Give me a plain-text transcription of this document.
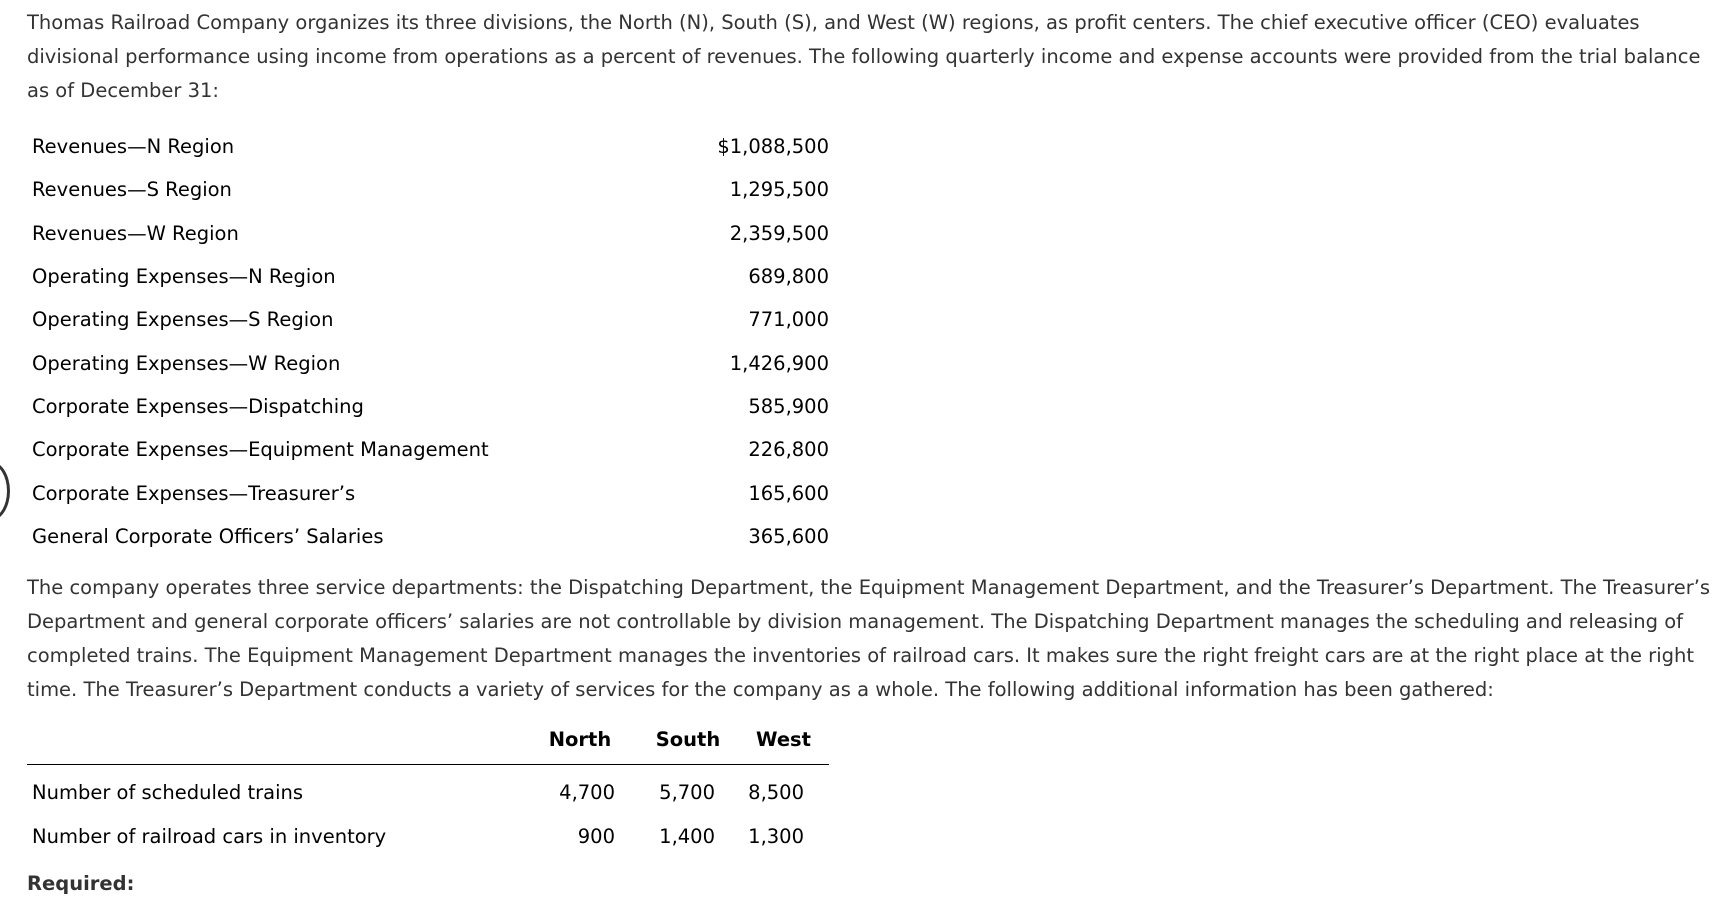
Thomas Railroad Company organizes its three divisions, the North (N), South (S), and West (W) regions, as profit centers. The chief executive officer (CEO) evaluates divisional performance using income from operations as a percent of revenues. The following quarterly income and expense accounts were provided from the trial balance as of December 31:

Revenues—N Region	$1,088,500
Revenues—S Region	1,295,500
Revenues—W Region	2,359,500
Operating Expenses—N Region	689,800
Operating Expenses—S Region	771,000
Operating Expenses—W Region	1,426,900
Corporate Expenses—Dispatching	585,900
Corporate Expenses—Equipment Management	226,800
Corporate Expenses—Treasurer’s	165,600
General Corporate Officers’ Salaries	365,600

The company operates three service departments: the Dispatching Department, the Equipment Management Department, and the Treasurer’s Department. The Treasurer’s Department and general corporate officers’ salaries are not controllable by division management. The Dispatching Department manages the scheduling and releasing of completed trains. The Equipment Management Department manages the inventories of railroad cars. It makes sure the right freight cars are at the right place at the right time. The Treasurer’s Department conducts a variety of services for the company as a whole. The following additional information has been gathered:

	North	South	West
Number of scheduled trains	4,700	5,700	8,500
Number of railroad cars in inventory	900	1,400	1,300
Required:
